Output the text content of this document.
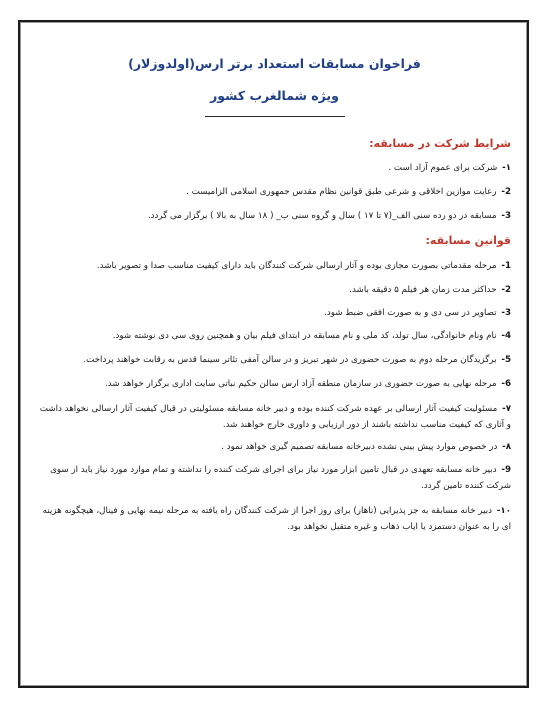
فراخوان مسابقات استعداد برتر ارس(اولدوزلار)
ویژه شمالغرب کشور
شرایط شرکت در مسابقه:
۱- شرکت برای عموم آزاد است .
2- رعایت موازین اخلاقی و شرعی طبق قوانین نظام مقدس جمهوری اسلامی الزامیست .
3- مسابقه در دو رده سنی الف_(۷ تا ۱۷ ) سال و گروه سنی ب_ ( ۱۸ سال به بالا ) برگزار می گردد.
قوانین مسابقه:
1- مرحله مقدماتی بصورت مجازی بوده و آثار ارسالی شرکت کنندگان باید دارای کیفیت مناسب صدا و تصویر باشد.
2- حداکثر مدت زمان هر فیلم ۵ دقیقه باشد.
3- تصاویر در سی دی و به صورت افقی ضبط شود.
4- نام ونام خانوادگی، سال تولد، کد ملی و نام مسابقه در ابتدای فیلم بیان و همچنین روی سی دی نوشته شود.
5- برگزیدگان مرحله دوم به صورت حضوری در شهر تبریز و در سالن آمفی تئاتر سینما قدس به رقابت خواهند پرداخت.
6- مرحله نهایی به صورت حضوری در سازمان منطقه آزاد ارس سالن حکیم نباتی سایت اداری برگزار خواهد شد.
۷- مسئولیت کیفیت آثار ارسالی بر عهده شرکت کننده بوده و دبیر خانه مسابقه مسئولیتی در قبال کیفیت آثار ارسالی نخواهد داشت و آثاری که کیفیت مناسب نداشته باشند از دور ارزیابی و داوری خارج خواهند شد.
۸- در خصوص موارد پیش بینی نشده دبیرخانه مسابقه تصمیم گیری خواهد نمود .
9- دبیر خانه مسابقه تعهدی در قبال تامین ابزار مورد نیاز برای اجرای شرکت کننده را نداشته و تمام موارد مورد نیاز باید از سوی شرکت کننده تامین گردد.
۱۰- دبیر خانه مسابقه به جز پذیرایی (ناهار) برای روز اجرا از شرکت کنندگان راه یافته به مرحله نیمه نهایی و فینال، هیچگونه هزینه ای را به عنوان دستمزد یا ایاب ذهاب و غیره متقبل نخواهد بود.
